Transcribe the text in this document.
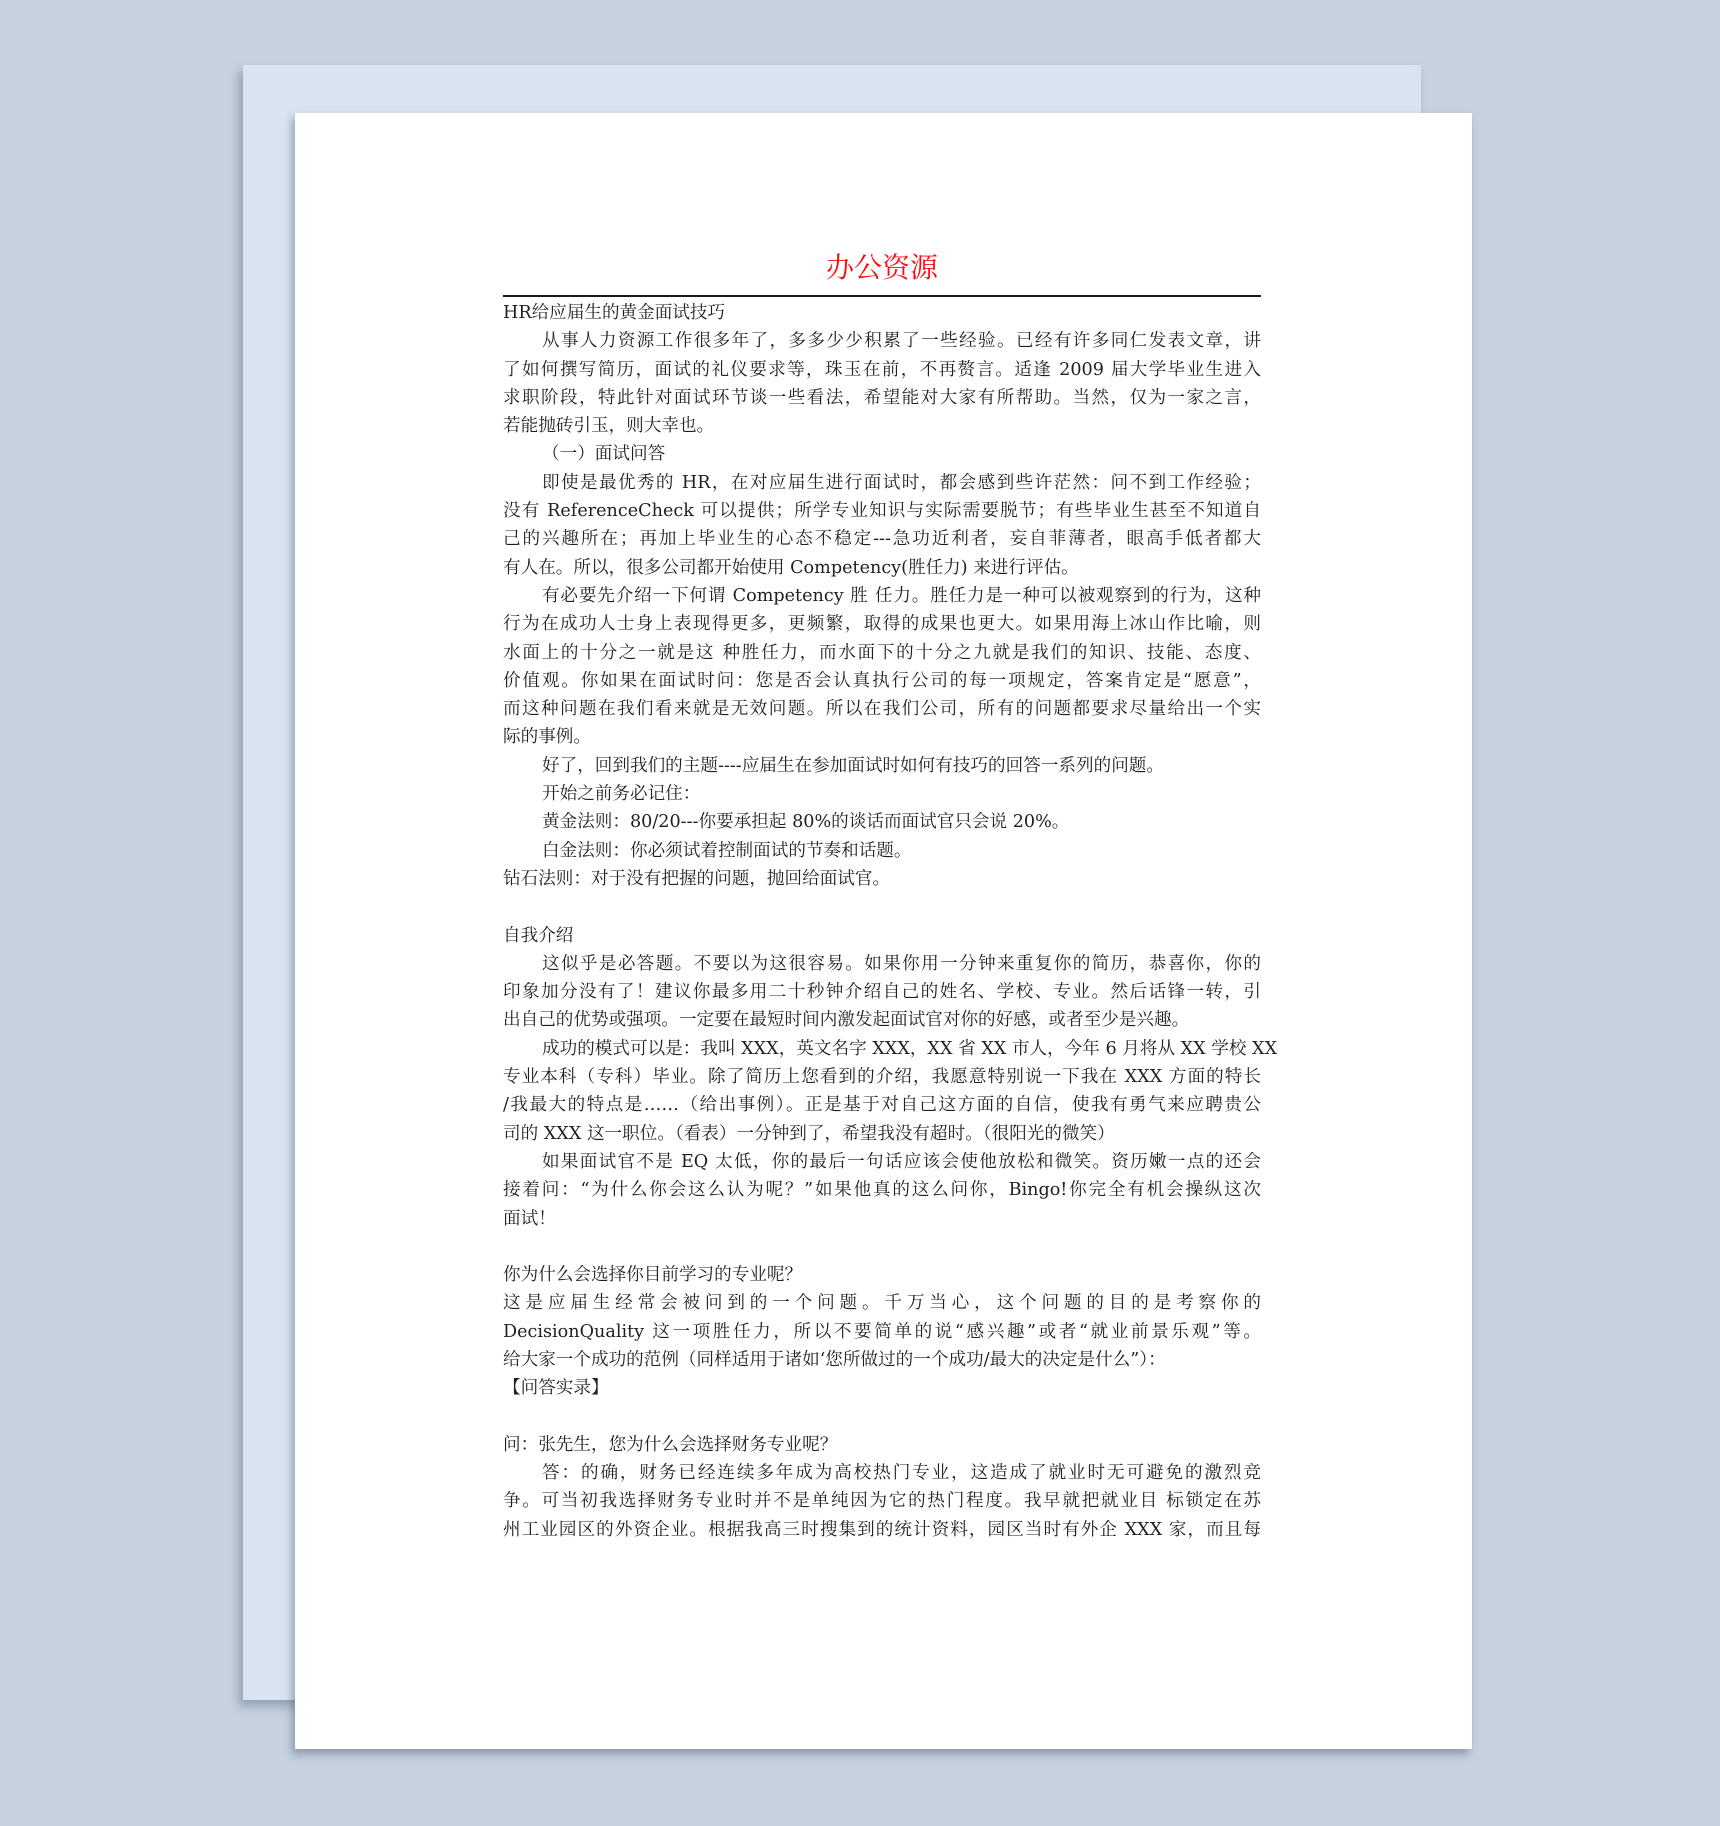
办公资源
HR给应届生的黄金面试技巧
从事人力资源工作很多年了，多多少少积累了一些经验。已经有许多同仁发表文章，讲
了如何撰写简历，面试的礼仪要求等，珠玉在前，不再赘言。适逢 2009 届大学毕业生进入
求职阶段，特此针对面试环节谈一些看法，希望能对大家有所帮助。当然，仅为一家之言，
若能抛砖引玉，则大幸也。
（一）面试问答
即使是最优秀的 HR，在对应届生进行面试时，都会感到些许茫然：问不到工作经验；
没有 ReferenceCheck 可以提供；所学专业知识与实际需要脱节；有些毕业生甚至不知道自
己的兴趣所在；再加上毕业生的心态不稳定---急功近利者，妄自菲薄者，眼高手低者都大
有人在。所以，很多公司都开始使用 Competency(胜任力) 来进行评估。
有必要先介绍一下何谓 Competency 胜 任力。胜任力是一种可以被观察到的行为，这种
行为在成功人士身上表现得更多，更频繁，取得的成果也更大。如果用海上冰山作比喻，则
水面上的十分之一就是这 种胜任力，而水面下的十分之九就是我们的知识、技能、态度、
价值观。你如果在面试时问：您是否会认真执行公司的每一项规定，答案肯定是“愿意”，
而这种问题在我们看来就是无效问题。所以在我们公司，所有的问题都要求尽量给出一个实
际的事例。
好了，回到我们的主题----应届生在参加面试时如何有技巧的回答一系列的问题。
开始之前务必记住：
黄金法则：80/20---你要承担起 80%的谈话而面试官只会说 20%。
白金法则：你必须试着控制面试的节奏和话题。
钻石法则：对于没有把握的问题，抛回给面试官。
自我介绍
这似乎是必答题。不要以为这很容易。如果你用一分钟来重复你的简历，恭喜你，你的
印象加分没有了！建议你最多用二十秒钟介绍自己的姓名、学校、专业。然后话锋一转，引
出自己的优势或强项。一定要在最短时间内激发起面试官对你的好感，或者至少是兴趣。
成功的模式可以是：我叫 XXX，英文名字 XXX，XX 省 XX 市人，今年 6 月将从 XX 学校 XX
专业本科（专科）毕业。除了简历上您看到的介绍，我愿意特别说一下我在 XXX 方面的特长
/我最大的特点是……（给出事例）。正是基于对自己这方面的自信，使我有勇气来应聘贵公
司的 XXX 这一职位。（看表）一分钟到了，希望我没有超时。（很阳光的微笑）
如果面试官不是 EQ 太低，你的最后一句话应该会使他放松和微笑。资历嫩一点的还会
接着问：“为什么你会这么认为呢？”如果他真的这么问你，Bingo!你完全有机会操纵这次
面试！
你为什么会选择你目前学习的专业呢？
这是应届生经常会被问到的一个问题。千万当心，这个问题的目的是考察你的
DecisionQuality 这一项胜任力，所以不要简单的说“感兴趣”或者“就业前景乐观”等。
给大家一个成功的范例（同样适用于诸如‘您所做过的一个成功/最大的决定是什么”）：
【问答实录】
问：张先生，您为什么会选择财务专业呢？
答：的确，财务已经连续多年成为高校热门专业，这造成了就业时无可避免的激烈竞
争。可当初我选择财务专业时并不是单纯因为它的热门程度。我早就把就业目 标锁定在苏
州工业园区的外资企业。根据我高三时搜集到的统计资料，园区当时有外企 XXX 家，而且每
